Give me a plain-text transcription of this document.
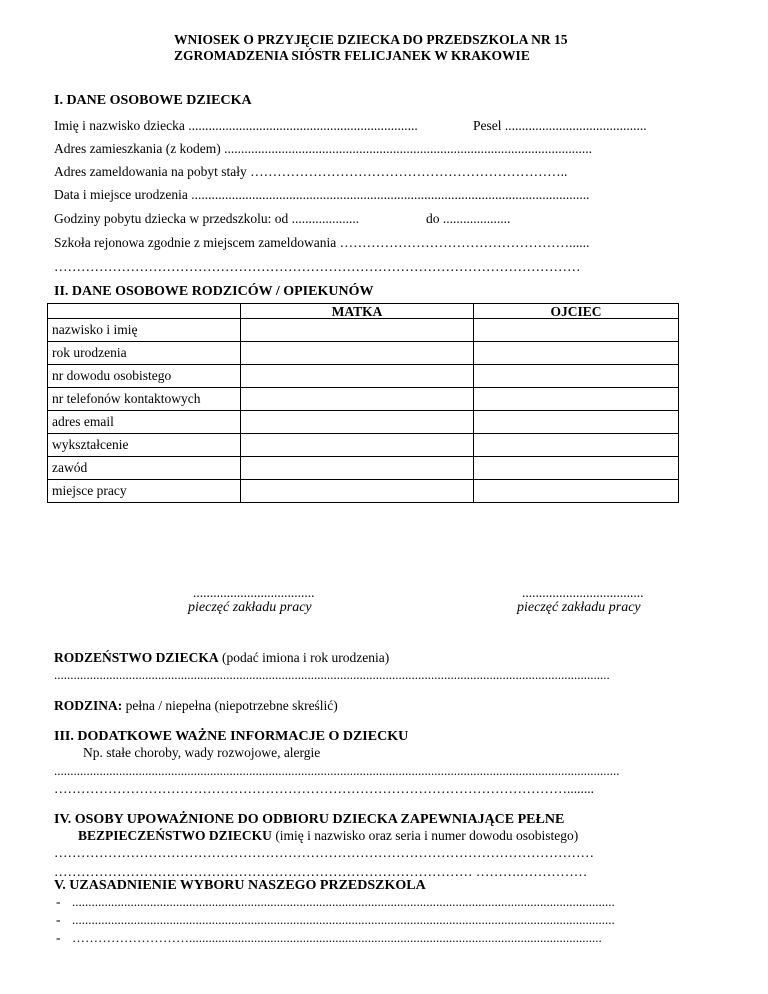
WNIOSEK O PRZYJĘCIE DZIECKA DO PRZEDSZKOLA NR 15
ZGROMADZENIA SIÓSTR FELICJANEK W KRAKOWIE
I. DANE OSOBOWE DZIECKA
Imię i nazwisko dziecka ....................................................................	Pesel ..........................................
Adres zamieszkania (z kodem) .............................................................................................................
Adres zameldowania na pobyt stały ……………………………………………………………..
Data i miejsce urodzenia ......................................................................................................................
Godziny pobytu dziecka w przedszkolu: od ....................	do ....................
Szkoła rejonowa zgodnie z miejscem zameldowania ……………………………………………......
………………………………………………………………………………………………………
II. DANE OSOBOWE RODZICÓW / OPIEKUNÓW
	MATKA	OJCIEC
nazwisko i imię		
rok urodzenia		
nr dowodu osobistego		
nr telefonów kontaktowych		
adres email		
wykształcenie		
zawód		
miejsce pracy		
....................................
pieczęć zakładu pracy
....................................
pieczęć zakładu pracy
RODZEŃSTWO DZIECKA (podać imiona i rok urodzenia)
...........................................................................................................................................................................
RODZINA: pełna / niepełna (niepotrzebne skreślić)
III. DODATKOWE WAŻNE INFORMACJE O DZIECKU
Np. stałe choroby, wady rozwojowe, alergie
..............................................................................................................................................................................
……………………………………………………………………………………………………........
IV. OSOBY UPOWAŻNIONE DO ODBIORU DZIECKA ZAPEWNIAJĄCE PEŁNE
BEZPIECZEŃSTWO DZIECKU (imię i nazwisko oraz seria i numer dowodu osobistego)
…………………………………………………………………………………………………………
………………………………………………………………………………… ……….……………
V. UZASADNIENIE WYBORU NASZEGO PRZEDSZKOLA
- .......................................................................................................................................................................
- .......................................................................................................................................................................
- ………………………...............................................................................................................................
